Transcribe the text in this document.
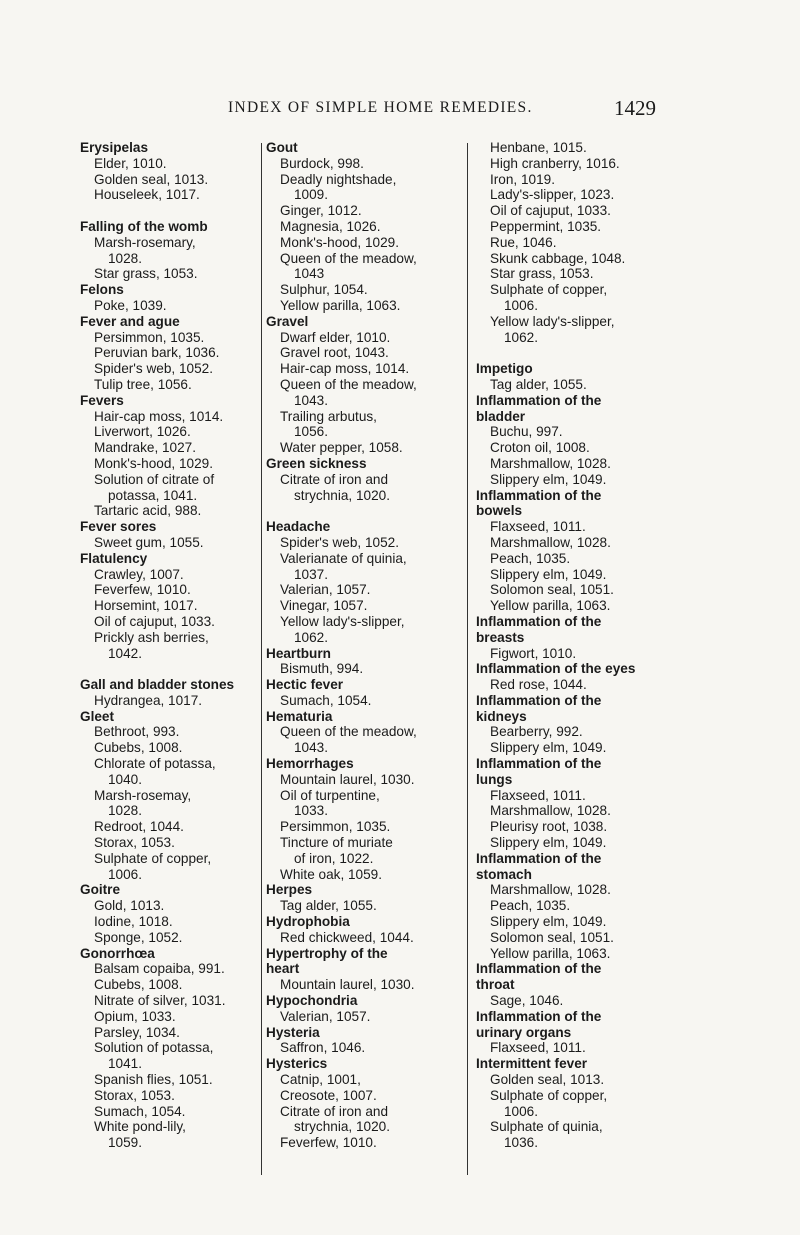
INDEX OF SIMPLE HOME REMEDIES.	1429
Erysipelas
Elder, 1010.
Golden seal, 1013.
Houseleek, 1017.
Falling of the womb
Marsh-rosemary,
1028.
Star grass, 1053.
Felons
Poke, 1039.
Fever and ague
Persimmon, 1035.
Peruvian bark, 1036.
Spider's web, 1052.
Tulip tree, 1056.
Fevers
Hair-cap moss, 1014.
Liverwort, 1026.
Mandrake, 1027.
Monk's-hood, 1029.
Solution of citrate of
potassa, 1041.
Tartaric acid, 988.
Fever sores
Sweet gum, 1055.
Flatulency
Crawley, 1007.
Feverfew, 1010.
Horsemint, 1017.
Oil of cajuput, 1033.
Prickly ash berries,
1042.
Gall and bladder stones
Hydrangea, 1017.
Gleet
Bethroot, 993.
Cubebs, 1008.
Chlorate of potassa,
1040.
Marsh-rosemay,
1028.
Redroot, 1044.
Storax, 1053.
Sulphate of copper,
1006.
Goitre
Gold, 1013.
Iodine, 1018.
Sponge, 1052.
Gonorrhœa
Balsam copaiba, 991.
Cubebs, 1008.
Nitrate of silver, 1031.
Opium, 1033.
Parsley, 1034.
Solution of potassa,
1041.
Spanish flies, 1051.
Storax, 1053.
Sumach, 1054.
White pond-lily,
1059.
Gout
Burdock, 998.
Deadly nightshade,
1009.
Ginger, 1012.
Magnesia, 1026.
Monk's-hood, 1029.
Queen of the meadow,
1043
Sulphur, 1054.
Yellow parilla, 1063.
Gravel
Dwarf elder, 1010.
Gravel root, 1043.
Hair-cap moss, 1014.
Queen of the meadow,
1043.
Trailing arbutus,
1056.
Water pepper, 1058.
Green sickness
Citrate of iron and
strychnia, 1020.
Headache
Spider's web, 1052.
Valerianate of quinia,
1037.
Valerian, 1057.
Vinegar, 1057.
Yellow lady's-slipper,
1062.
Heartburn
Bismuth, 994.
Hectic fever
Sumach, 1054.
Hematuria
Queen of the meadow,
1043.
Hemorrhages
Mountain laurel, 1030.
Oil of turpentine,
1033.
Persimmon, 1035.
Tincture of muriate
of iron, 1022.
White oak, 1059.
Herpes
Tag alder, 1055.
Hydrophobia
Red chickweed, 1044.
Hypertrophy of the
heart
Mountain laurel, 1030.
Hypochondria
Valerian, 1057.
Hysteria
Saffron, 1046.
Hysterics
Catnip, 1001,
Creosote, 1007.
Citrate of iron and
strychnia, 1020.
Feverfew, 1010.
Henbane, 1015.
High cranberry, 1016.
Iron, 1019.
Lady's-slipper, 1023.
Oil of cajuput, 1033.
Peppermint, 1035.
Rue, 1046.
Skunk cabbage, 1048.
Star grass, 1053.
Sulphate of copper,
1006.
Yellow lady's-slipper,
1062.
Impetigo
Tag alder, 1055.
Inflammation of the
bladder
Buchu, 997.
Croton oil, 1008.
Marshmallow, 1028.
Slippery elm, 1049.
Inflammation of the
bowels
Flaxseed, 1011.
Marshmallow, 1028.
Peach, 1035.
Slippery elm, 1049.
Solomon seal, 1051.
Yellow parilla, 1063.
Inflammation of the
breasts
Figwort, 1010.
Inflammation of the eyes
Red rose, 1044.
Inflammation of the
kidneys
Bearberry, 992.
Slippery elm, 1049.
Inflammation of the
lungs
Flaxseed, 1011.
Marshmallow, 1028.
Pleurisy root, 1038.
Slippery elm, 1049.
Inflammation of the
stomach
Marshmallow, 1028.
Peach, 1035.
Slippery elm, 1049.
Solomon seal, 1051.
Yellow parilla, 1063.
Inflammation of the
throat
Sage, 1046.
Inflammation of the
urinary organs
Flaxseed, 1011.
Intermittent fever
Golden seal, 1013.
Sulphate of copper,
1006.
Sulphate of quinia,
1036.
